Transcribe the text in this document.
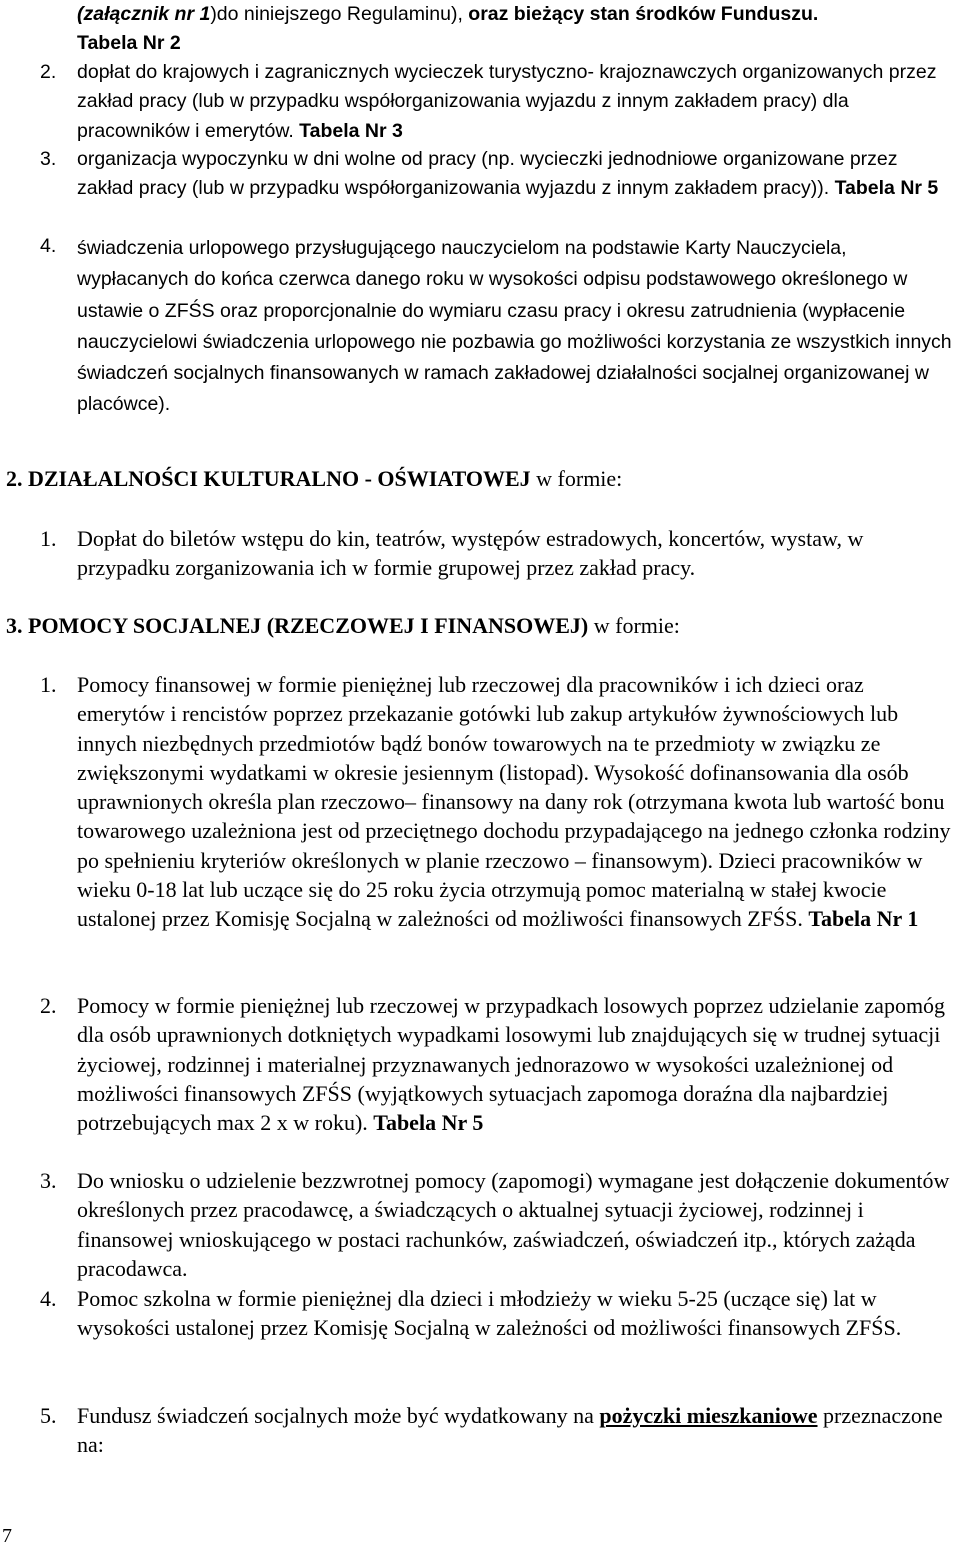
(załącznik nr 1)do niniejszego Regulaminu), oraz bieżący stan środków Funduszu.
Tabela Nr 2
2. dopłat do krajowych i zagranicznych wycieczek turystyczno- krajoznawczych organizowanych przez zakład pracy (lub w przypadku współorganizowania wyjazdu z innym zakładem pracy) dla pracowników i emerytów. Tabela Nr 3
3. organizacja wypoczynku w dni wolne od pracy (np. wycieczki jednodniowe organizowane przez zakład pracy (lub w przypadku współorganizowania wyjazdu z innym zakładem pracy)). Tabela Nr 5
4. świadczenia urlopowego przysługującego nauczycielom na podstawie Karty Nauczyciela, wypłacanych do końca czerwca danego roku w wysokości odpisu podstawowego określonego w ustawie o ZFŚS oraz proporcjonalnie do wymiaru czasu pracy i okresu zatrudnienia (wypłacenie nauczycielowi świadczenia urlopowego nie pozbawia go możliwości korzystania ze wszystkich innych świadczeń socjalnych finansowanych w ramach zakładowej działalności socjalnej organizowanej w placówce).
2. DZIAŁALNOŚCI KULTURALNO - OŚWIATOWEJ w formie:
1. Dopłat do biletów wstępu do kin, teatrów, występów estradowych, koncertów, wystaw, w przypadku zorganizowania ich w formie grupowej przez zakład pracy.
3. POMOCY SOCJALNEJ (RZECZOWEJ I FINANSOWEJ) w formie:
1. Pomocy finansowej w formie pieniężnej lub rzeczowej dla pracowników i ich dzieci oraz emerytów i rencistów poprzez przekazanie gotówki lub zakup artykułów żywnościowych lub innych niezbędnych przedmiotów bądź bonów towarowych na te przedmioty w związku ze zwiększonymi wydatkami w okresie jesiennym (listopad). Wysokość dofinansowania dla osób uprawnionych określa plan rzeczowo– finansowy na dany rok (otrzymana kwota lub wartość bonu towarowego uzależniona jest od przeciętnego dochodu przypadającego na jednego członka rodziny po spełnieniu kryteriów określonych w planie rzeczowo – finansowym). Dzieci pracowników w wieku 0-18 lat lub uczące się do 25 roku życia otrzymują pomoc materialną w stałej kwocie ustalonej przez Komisję Socjalną w zależności od możliwości finansowych ZFŚS. Tabela Nr 1
2. Pomocy w formie pieniężnej lub rzeczowej w przypadkach losowych poprzez udzielanie zapomóg dla osób uprawnionych dotkniętych wypadkami losowymi lub znajdujących się w trudnej sytuacji życiowej, rodzinnej i materialnej przyznawanych jednorazowo w wysokości uzależnionej od możliwości finansowych ZFŚS (wyjątkowych sytuacjach zapomoga doraźna dla najbardziej potrzebujących max 2 x w roku). Tabela Nr 5
3. Do wniosku o udzielenie bezzwrotnej pomocy (zapomogi) wymagane jest dołączenie dokumentów określonych przez pracodawcę, a świadczących o aktualnej sytuacji życiowej, rodzinnej i finansowej wnioskującego w postaci rachunków, zaświadczeń, oświadczeń itp., których zażąda pracodawca.
4. Pomoc szkolna w formie pieniężnej dla dzieci i młodzieży w wieku 5-25 (uczące się) lat w wysokości ustalonej przez Komisję Socjalną w zależności od możliwości finansowych ZFŚS.
5. Fundusz świadczeń socjalnych może być wydatkowany na pożyczki mieszkaniowe przeznaczone na:
7
